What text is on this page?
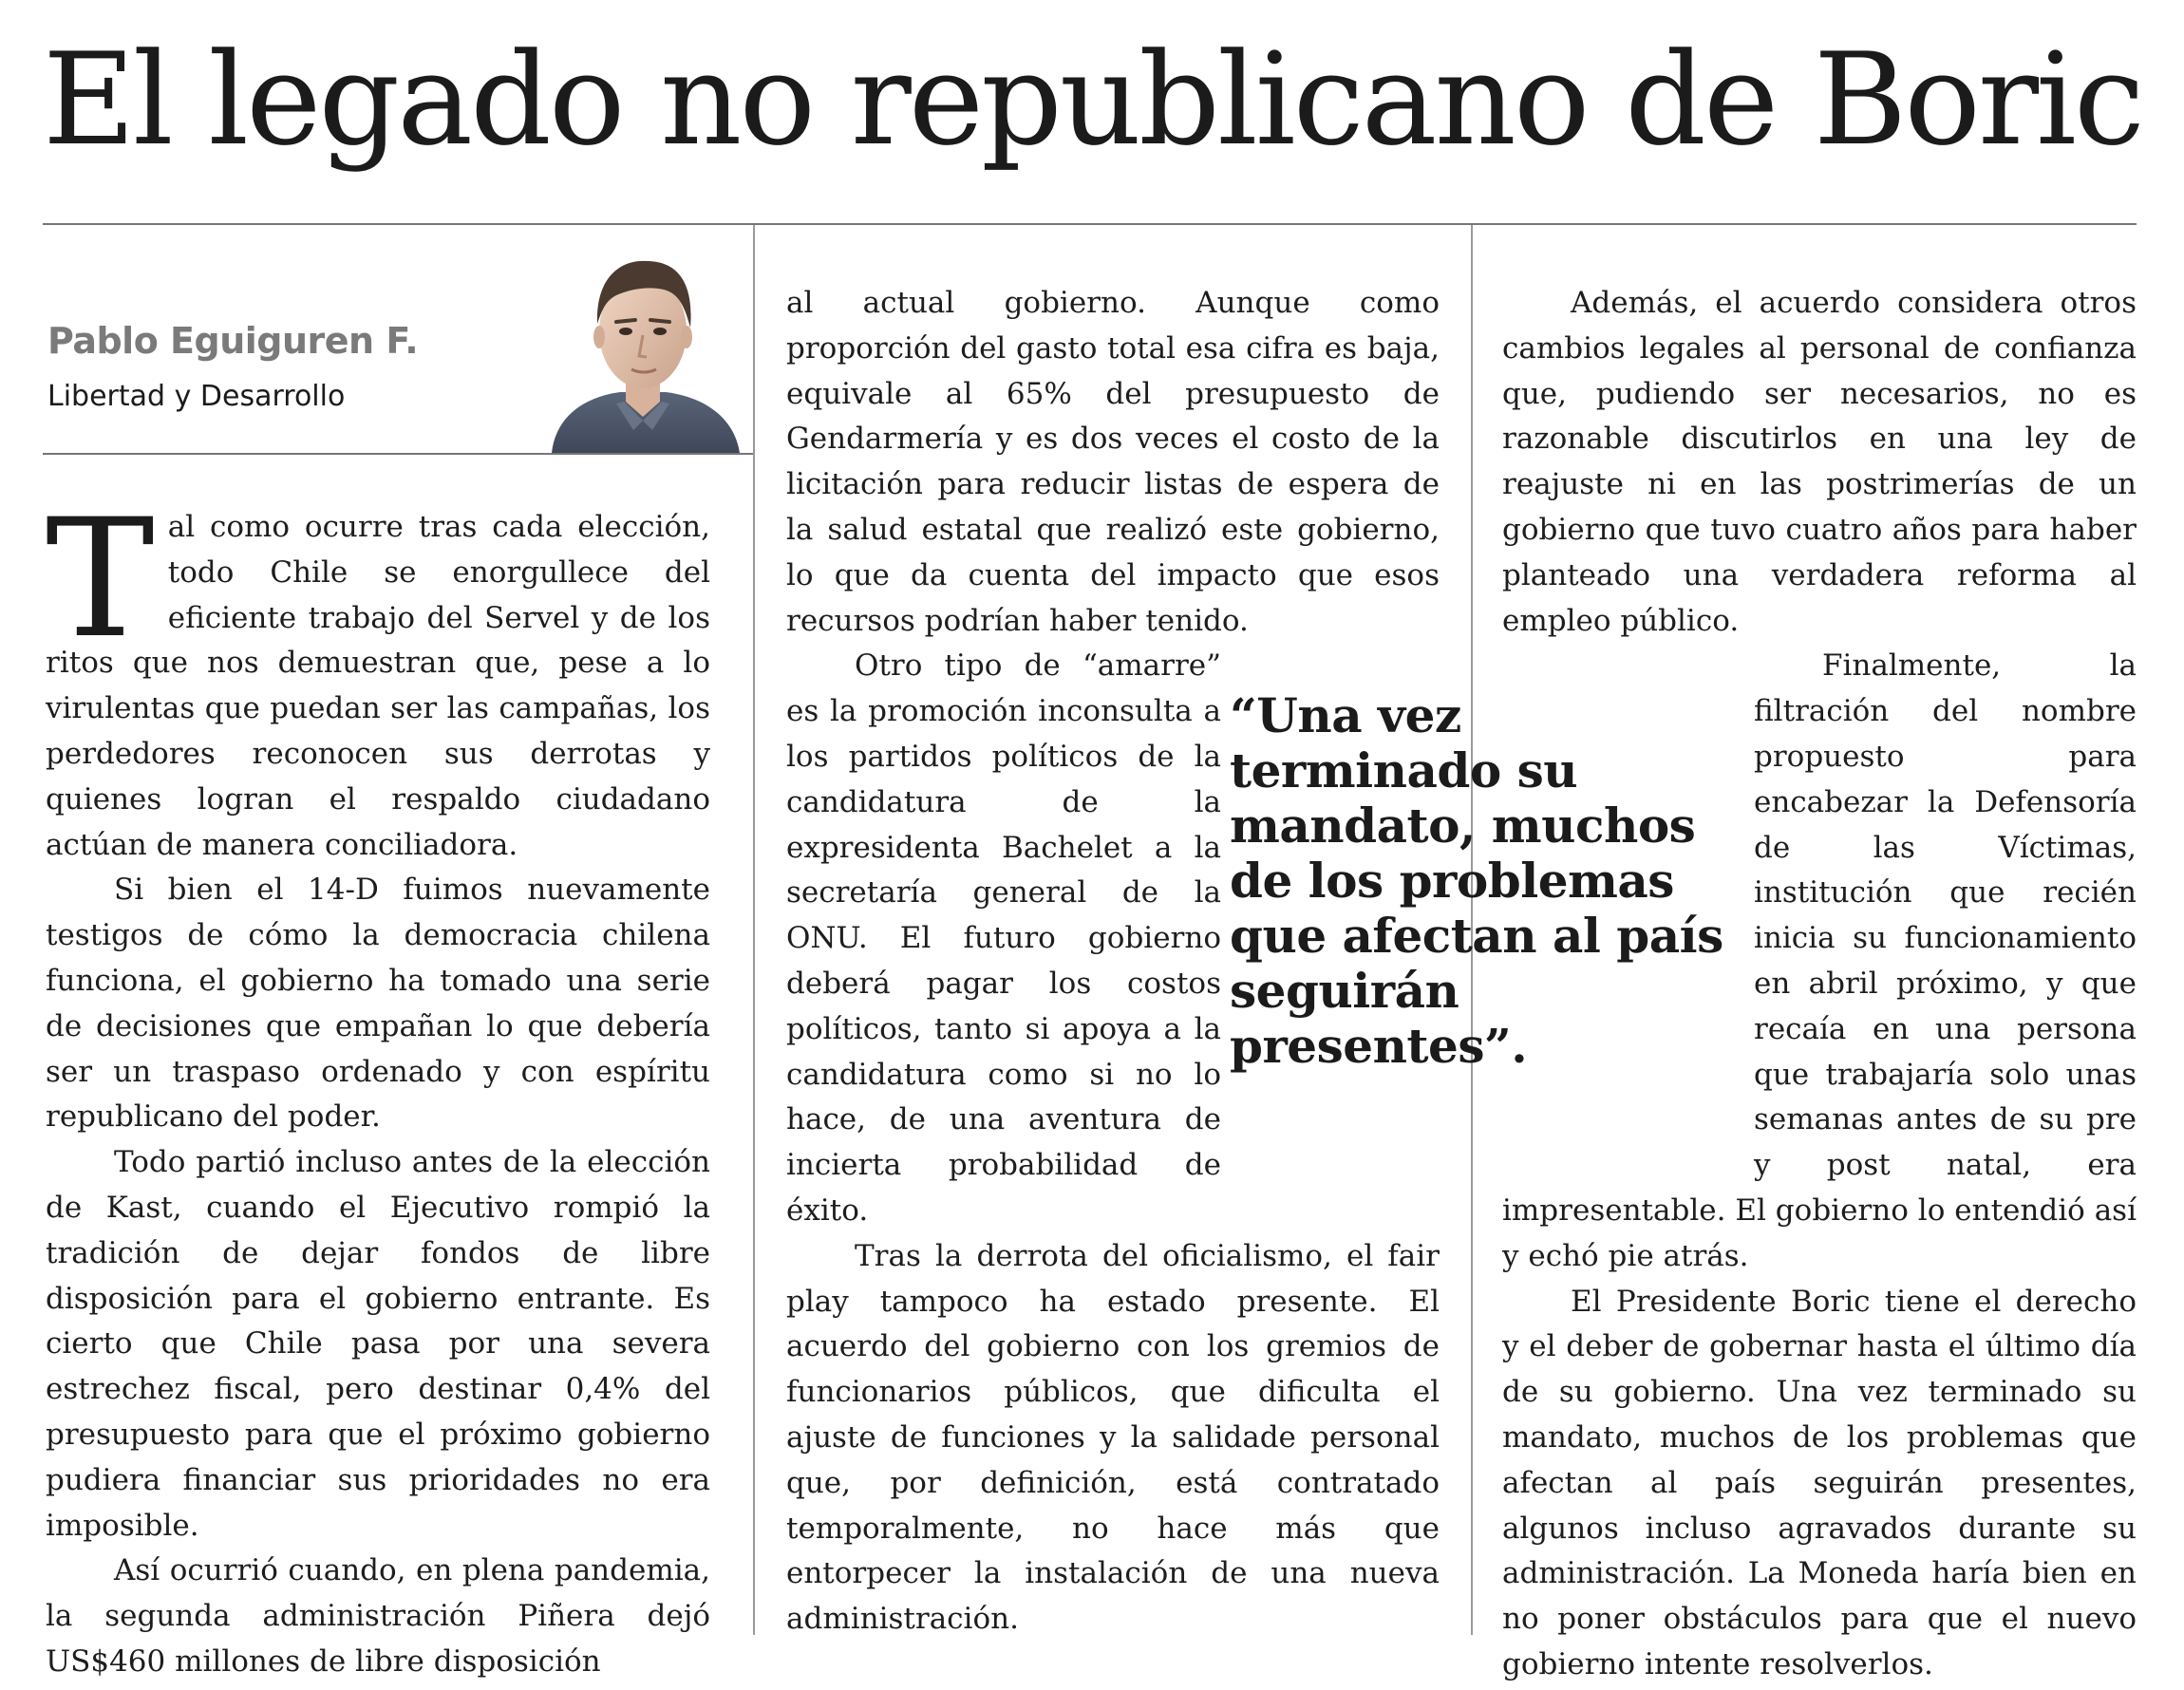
El legado no republicano de Boric

Pablo Eguiguren F.

Libertad y Desarrollo

Tal como ocurre tras cada elección, todo Chile se enorgullece del eficiente trabajo del Servel y de los ritos que nos demuestran que, pese a lo virulentas que puedan ser las campañas, los perdedores reconocen sus derrotas y quienes logran el respaldo ciudadano actúan de manera conciliadora.

Si bien el 14-D fuimos nuevamente testigos de cómo la democracia chilena funciona, el gobierno ha tomado una serie de decisiones que empañan lo que debería ser un traspaso ordenado y con espíritu republicano del poder.

Todo partió incluso antes de la elección de Kast, cuando el Ejecutivo rompió la tradición de dejar fondos de libre disposición para el gobierno entrante. Es cierto que Chile pasa por una severa estrechez fiscal, pero destinar 0,4% del presupuesto para que el próximo gobierno pudiera financiar sus prioridades no era imposible.

Así ocurrió cuando, en plena pandemia, la segunda administración Piñera dejó US$460 millones de libre disposición

al actual gobierno. Aunque como proporción del gasto total esa cifra es baja, equivale al 65% del presupuesto de Gendarmería y es dos veces el costo de la licitación para reducir listas de espera de la salud estatal que realizó este gobierno, lo que da cuenta del impacto que esos recursos podrían haber tenido.

Otro tipo de “amarre” es la promoción inconsulta a los partidos políticos de la candidatura de la expresidenta Bachelet a la secretaría general de la ONU. El futuro gobierno deberá pagar los costos políticos, tanto si apoya a la candidatura como si no lo hace, de una aventura de incierta probabilidad de éxito.

Tras la derrota del oficialismo, el fair play tampoco ha estado presente. El acuerdo del gobierno con los gremios de funcionarios públicos, que dificulta el ajuste de funciones y la salidade personal que, por definición, está contratado temporalmente, no hace más que entorpecer la instalación de una nueva administración.

Además, el acuerdo considera otros cambios legales al personal de confianza que, pudiendo ser necesarios, no es razonable discutirlos en una ley de reajuste ni en las postrimerías de un gobierno que tuvo cuatro años para haber planteado una verdadera reforma al empleo público.

Finalmente, la filtración del nombre propuesto para encabezar la Defensoría de las Víctimas, institución que recién inicia su funcionamiento en abril próximo, y que recaía en una persona que trabajaría solo unas semanas antes de su pre y post natal, era impresentable. El gobierno lo entendió así y echó pie atrás.

El Presidente Boric tiene el derecho y el deber de gobernar hasta el último día de su gobierno. Una vez terminado su mandato, muchos de los problemas que afectan al país seguirán presentes, algunos incluso agravados durante su administración. La Moneda haría bien en no poner obstáculos para que el nuevo gobierno intente resolverlos.

“Una vez terminado su mandato, muchos de los problemas que afectan al país seguirán presentes”.
